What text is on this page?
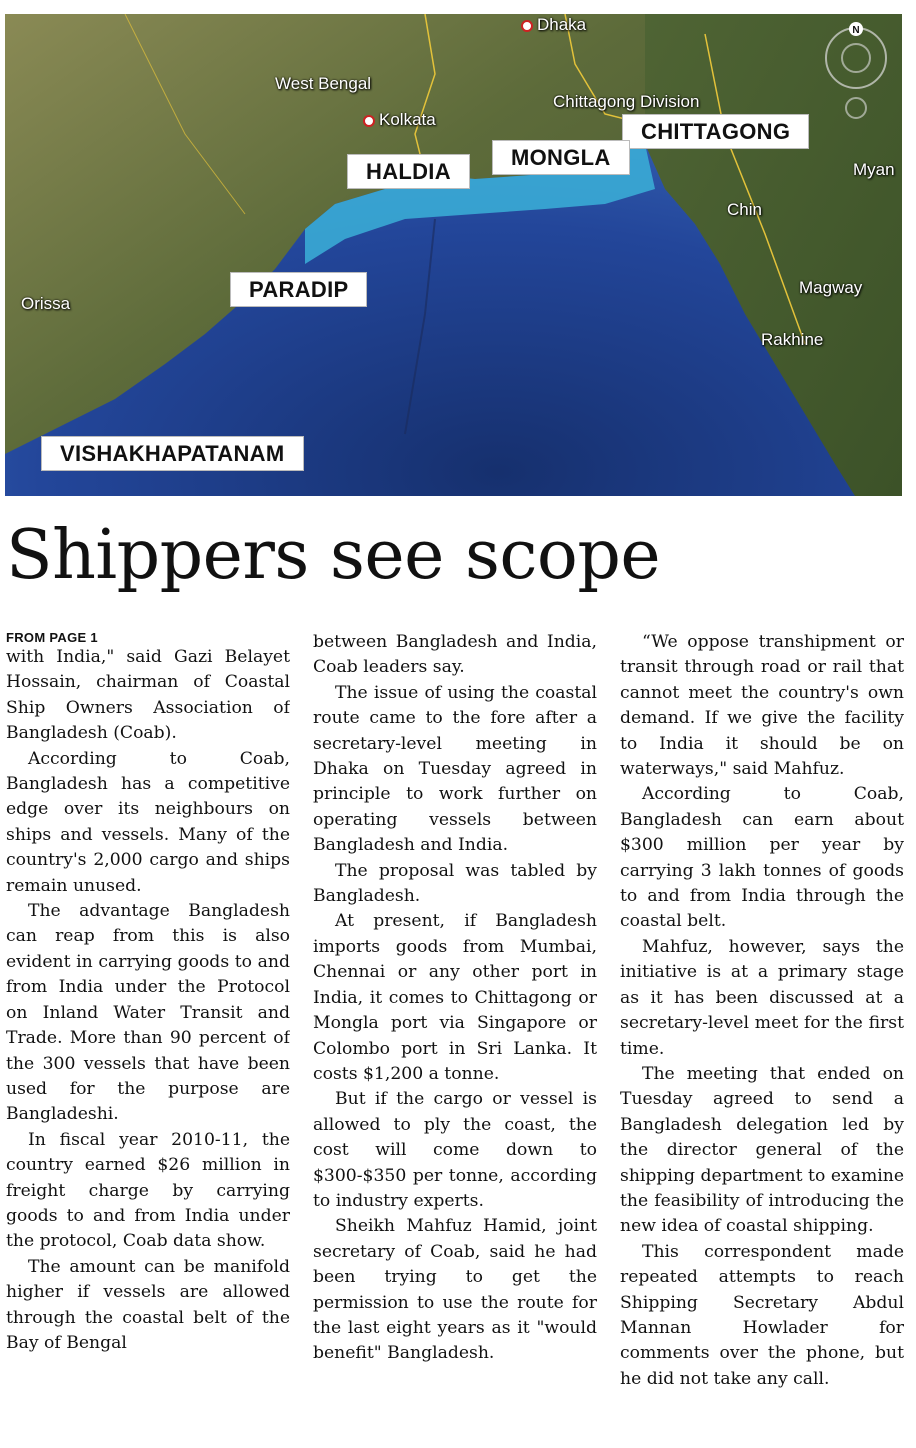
Dhaka
West Bengal
Kolkata
Chittagong Division
Chin
Orissa
Magway
Rakhine
Myan
CHITTAGONG
MONGLA
HALDIA
PARADIP
VISHAKHAPATANAM
N
Shippers see scope
FROM PAGE 1

with India," said Gazi Belayet Hossain, chairman of Coastal Ship Owners Association of Bangladesh (Coab).

According to Coab, Bangladesh has a competitive edge over its neighbours on ships and vessels. Many of the country's 2,000 cargo and ships remain unused.

The advantage Bangladesh can reap from this is also evident in carrying goods to and from India under the Protocol on Inland Water Transit and Trade. More than 90 percent of the 300 vessels that have been used for the purpose are Bangladeshi.

In fiscal year 2010-11, the country earned $26 million in freight charge by carrying goods to and from India under the protocol, Coab data show.

The amount can be manifold higher if vessels are allowed through the coastal belt of the Bay of Bengal

between Bangladesh and India, Coab leaders say.

The issue of using the coastal route came to the fore after a secretary-level meeting in Dhaka on Tuesday agreed in principle to work further on operating vessels between Bangladesh and India.

The proposal was tabled by Bangladesh.

At present, if Bangladesh imports goods from Mumbai, Chennai or any other port in India, it comes to Chittagong or Mongla port via Singapore or Colombo port in Sri Lanka. It costs $1,200 a tonne.

But if the cargo or vessel is allowed to ply the coast, the cost will come down to $300-$350 per tonne, according to industry experts.

Sheikh Mahfuz Hamid, joint secretary of Coab, said he had been trying to get the permission to use the route for the last eight years as it "would benefit" Bangladesh.

“We oppose transhipment or transit through road or rail that cannot meet the country's own demand. If we give the facility to India it should be on waterways," said Mahfuz.

According to Coab, Bangladesh can earn about $300 million per year by carrying 3 lakh tonnes of goods to and from India through the coastal belt.

Mahfuz, however, says the initiative is at a primary stage as it has been discussed at a secretary-level meet for the first time.

The meeting that ended on Tuesday agreed to send a Bangladesh delegation led by the director general of the shipping department to examine the feasibility of introducing the new idea of coastal shipping.

This correspondent made repeated attempts to reach Shipping Secretary Abdul Mannan Howlader for comments over the phone, but he did not take any call.
